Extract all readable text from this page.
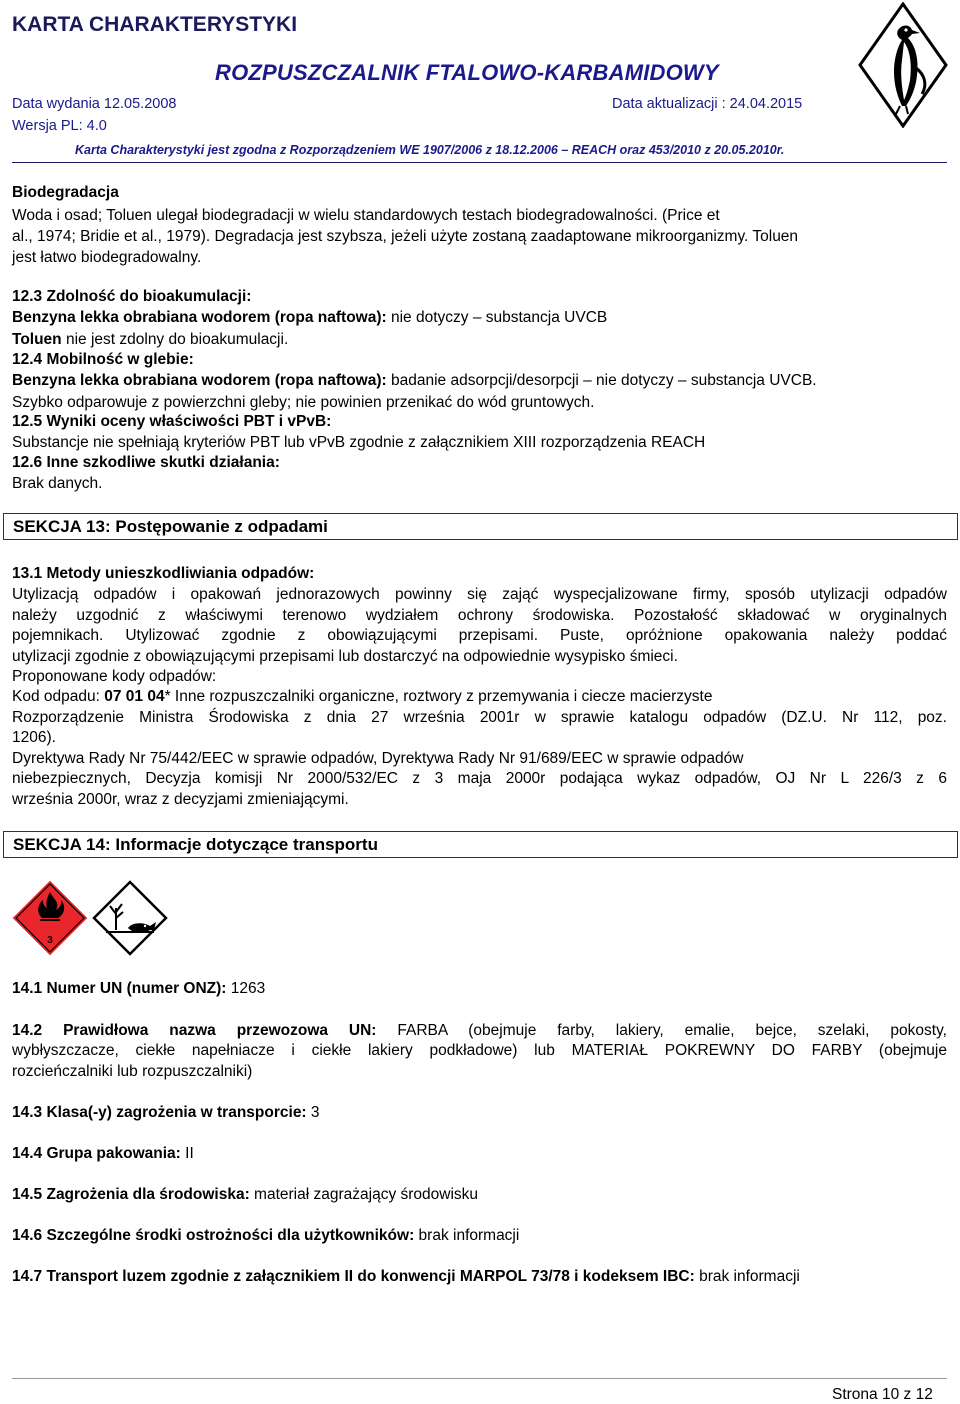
KARTA CHARAKTERYSTYKI
ROZPUSZCZALNIK FTALOWO-KARBAMIDOWY
Data wydania 12.05.2008	Data aktualizacji : 24.04.2015
Wersja PL: 4.0
Karta Charakterystyki jest zgodna z Rozporządzeniem WE 1907/2006 z 18.12.2006 – REACH oraz 453/2010 z 20.05.2010r.
Biodegradacja
Woda i osad; Toluen ulegał biodegradacji w wielu standardowych testach biodegradowalności. (Price et
al., 1974; Bridie et al., 1979). Degradacja jest szybsza, jeżeli użyte zostaną zaadaptowane mikroorganizmy. Toluen
jest łatwo biodegradowalny.
12.3 Zdolność do bioakumulacji:
Benzyna lekka obrabiana wodorem (ropa naftowa): nie dotyczy – substancja UVCB
Toluen nie jest zdolny do bioakumulacji.
12.4 Mobilność w glebie:
Benzyna lekka obrabiana wodorem (ropa naftowa): badanie adsorpcji/desorpcji – nie dotyczy – substancja UVCB.
Szybko odparowuje z powierzchni gleby; nie powinien przenikać do wód gruntowych.
12.5 Wyniki oceny właściwości PBT i vPvB:
Substancje nie spełniają kryteriów PBT lub vPvB zgodnie z załącznikiem XIII rozporządzenia REACH
12.6 Inne szkodliwe skutki działania:
Brak danych.
SEKCJA 13: Postępowanie z odpadami
13.1 Metody unieszkodliwiania odpadów:
Utylizacją odpadów i opakowań jednorazowych powinny się zająć wyspecjalizowane firmy, sposób utylizacji odpadów
należy uzgodnić z właściwymi terenowo wydziałem ochrony środowiska. Pozostałość składować w oryginalnych
pojemnikach. Utylizować zgodnie z obowiązującymi przepisami. Puste, opróżnione opakowania należy poddać
utylizacji zgodnie z obowiązującymi przepisami lub dostarczyć na odpowiednie wysypisko śmieci.
Proponowane kody odpadów:
Kod odpadu: 07 01 04* Inne rozpuszczalniki organiczne, roztwory z przemywania i ciecze macierzyste
Rozporządzenie Ministra Środowiska z dnia 27 września 2001r w sprawie katalogu odpadów (DZ.U. Nr 112, poz.
1206).
Dyrektywa Rady Nr 75/442/EEC w sprawie odpadów, Dyrektywa Rady Nr 91/689/EEC w sprawie odpadów
niebezpiecznych, Decyzja komisji Nr 2000/532/EC z 3 maja 2000r podająca wykaz odpadów, OJ Nr L 226/3 z 6
września 2000r, wraz z decyzjami zmieniającymi.
SEKCJA 14: Informacje dotyczące transportu
3
14.1 Numer UN (numer ONZ): 1263
14.2 Prawidłowa nazwa przewozowa UN: FARBA (obejmuje farby, lakiery, emalie, bejce, szelaki, pokosty,
wybłyszczacze, ciekłe napełniacze i ciekłe lakiery podkładowe) lub MATERIAŁ POKREWNY DO FARBY (obejmuje
rozcieńczalniki lub rozpuszczalniki)
14.3 Klasa(-y) zagrożenia w transporcie: 3
14.4 Grupa pakowania: II
14.5 Zagrożenia dla środowiska: materiał zagrażający środowisku
14.6 Szczególne środki ostrożności dla użytkowników: brak informacji
14.7 Transport luzem zgodnie z załącznikiem II do konwencji MARPOL 73/78 i kodeksem IBC: brak informacji
Strona 10 z 12
